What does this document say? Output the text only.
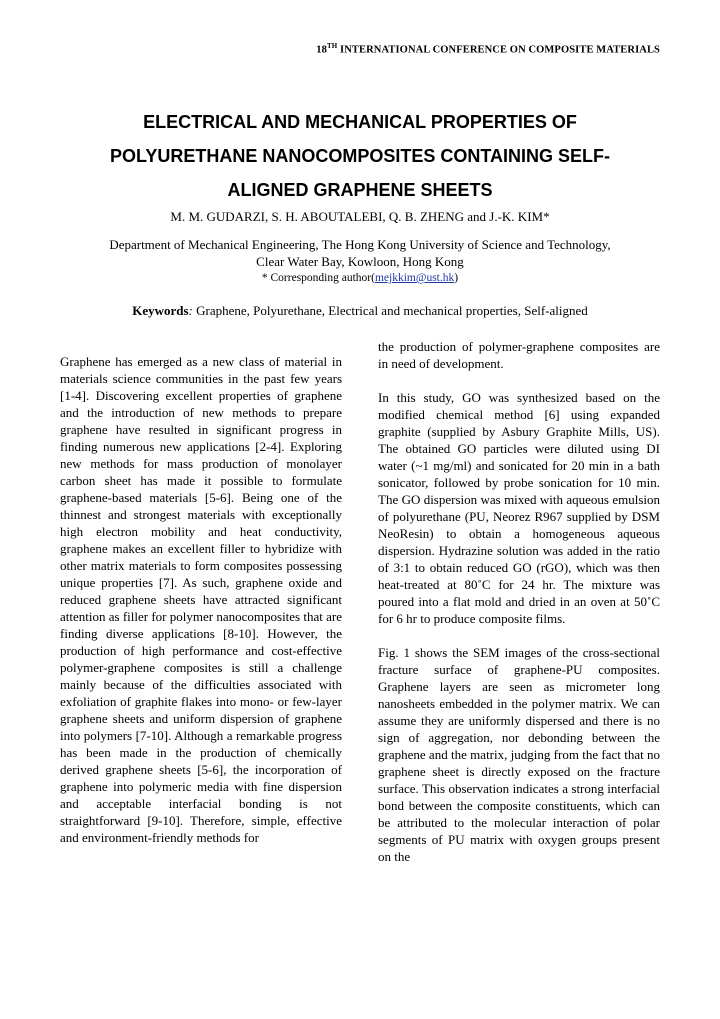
18TH INTERNATIONAL CONFERENCE ON COMPOSITE MATERIALS
ELECTRICAL AND MECHANICAL PROPERTIES OF
POLYURETHANE NANOCOMPOSITES CONTAINING SELF-
ALIGNED GRAPHENE SHEETS
M. M. GUDARZI, S. H. ABOUTALEBI, Q. B. ZHENG and J.-K. KIM*
Department of Mechanical Engineering, The Hong Kong University of Science and Technology,
Clear Water Bay, Kowloon, Hong Kong
* Corresponding author(mejkkim@ust.hk)
Keywords: Graphene, Polyurethane, Electrical and mechanical properties, Self-aligned

Graphene has emerged as a new class of material in materials science communities in the past few years [1-4]. Discovering excellent properties of graphene and the introduction of new methods to prepare graphene have resulted in significant progress in finding numerous new applications [2-4]. Exploring new methods for mass production of monolayer carbon sheet has made it possible to formulate graphene-based materials [5-6]. Being one of the thinnest and strongest materials with exceptionally high electron mobility and heat conductivity, graphene makes an excellent filler to hybridize with other matrix materials to form composites possessing unique properties [7]. As such, graphene oxide and reduced graphene sheets have attracted significant attention as filler for polymer nanocomposites that are finding diverse applications [8-10]. However, the production of high performance and cost-effective polymer-graphene composites is still a challenge mainly because of the difficulties associated with exfoliation of graphite flakes into mono- or few-layer graphene sheets and uniform dispersion of graphene into polymers [7-10]. Although a remarkable progress has been made in the production of chemically derived graphene sheets [5-6], the incorporation of graphene into polymeric media with fine dispersion and acceptable interfacial bonding is not straightforward [9-10]. Therefore, simple, effective and environment-friendly methods for

the production of polymer-graphene composites are in need of development.

In this study, GO was synthesized based on the modified chemical method [6] using expanded graphite (supplied by Asbury Graphite Mills, US). The obtained GO particles were diluted using DI water (~1 mg/ml) and sonicated for 20 min in a bath sonicator, followed by probe sonication for 10 min. The GO dispersion was mixed with aqueous emulsion of polyurethane (PU, Neorez R967 supplied by DSM NeoResin) to obtain a homogeneous aqueous dispersion. Hydrazine solution was added in the ratio of 3:1 to obtain reduced GO (rGO), which was then heat-treated at 80˚C for 24 hr. The mixture was poured into a flat mold and dried in an oven at 50˚C for 6 hr to produce composite films.

Fig. 1 shows the SEM images of the cross-sectional fracture surface of graphene-PU composites. Graphene layers are seen as micrometer long nanosheets embedded in the polymer matrix. We can assume they are uniformly dispersed and there is no sign of aggregation, nor debonding between the graphene and the matrix, judging from the fact that no graphene sheet is directly exposed on the fracture surface. This observation indicates a strong interfacial bond between the composite constituents, which can be attributed to the molecular interaction of polar segments of PU matrix with oxygen groups present on the
